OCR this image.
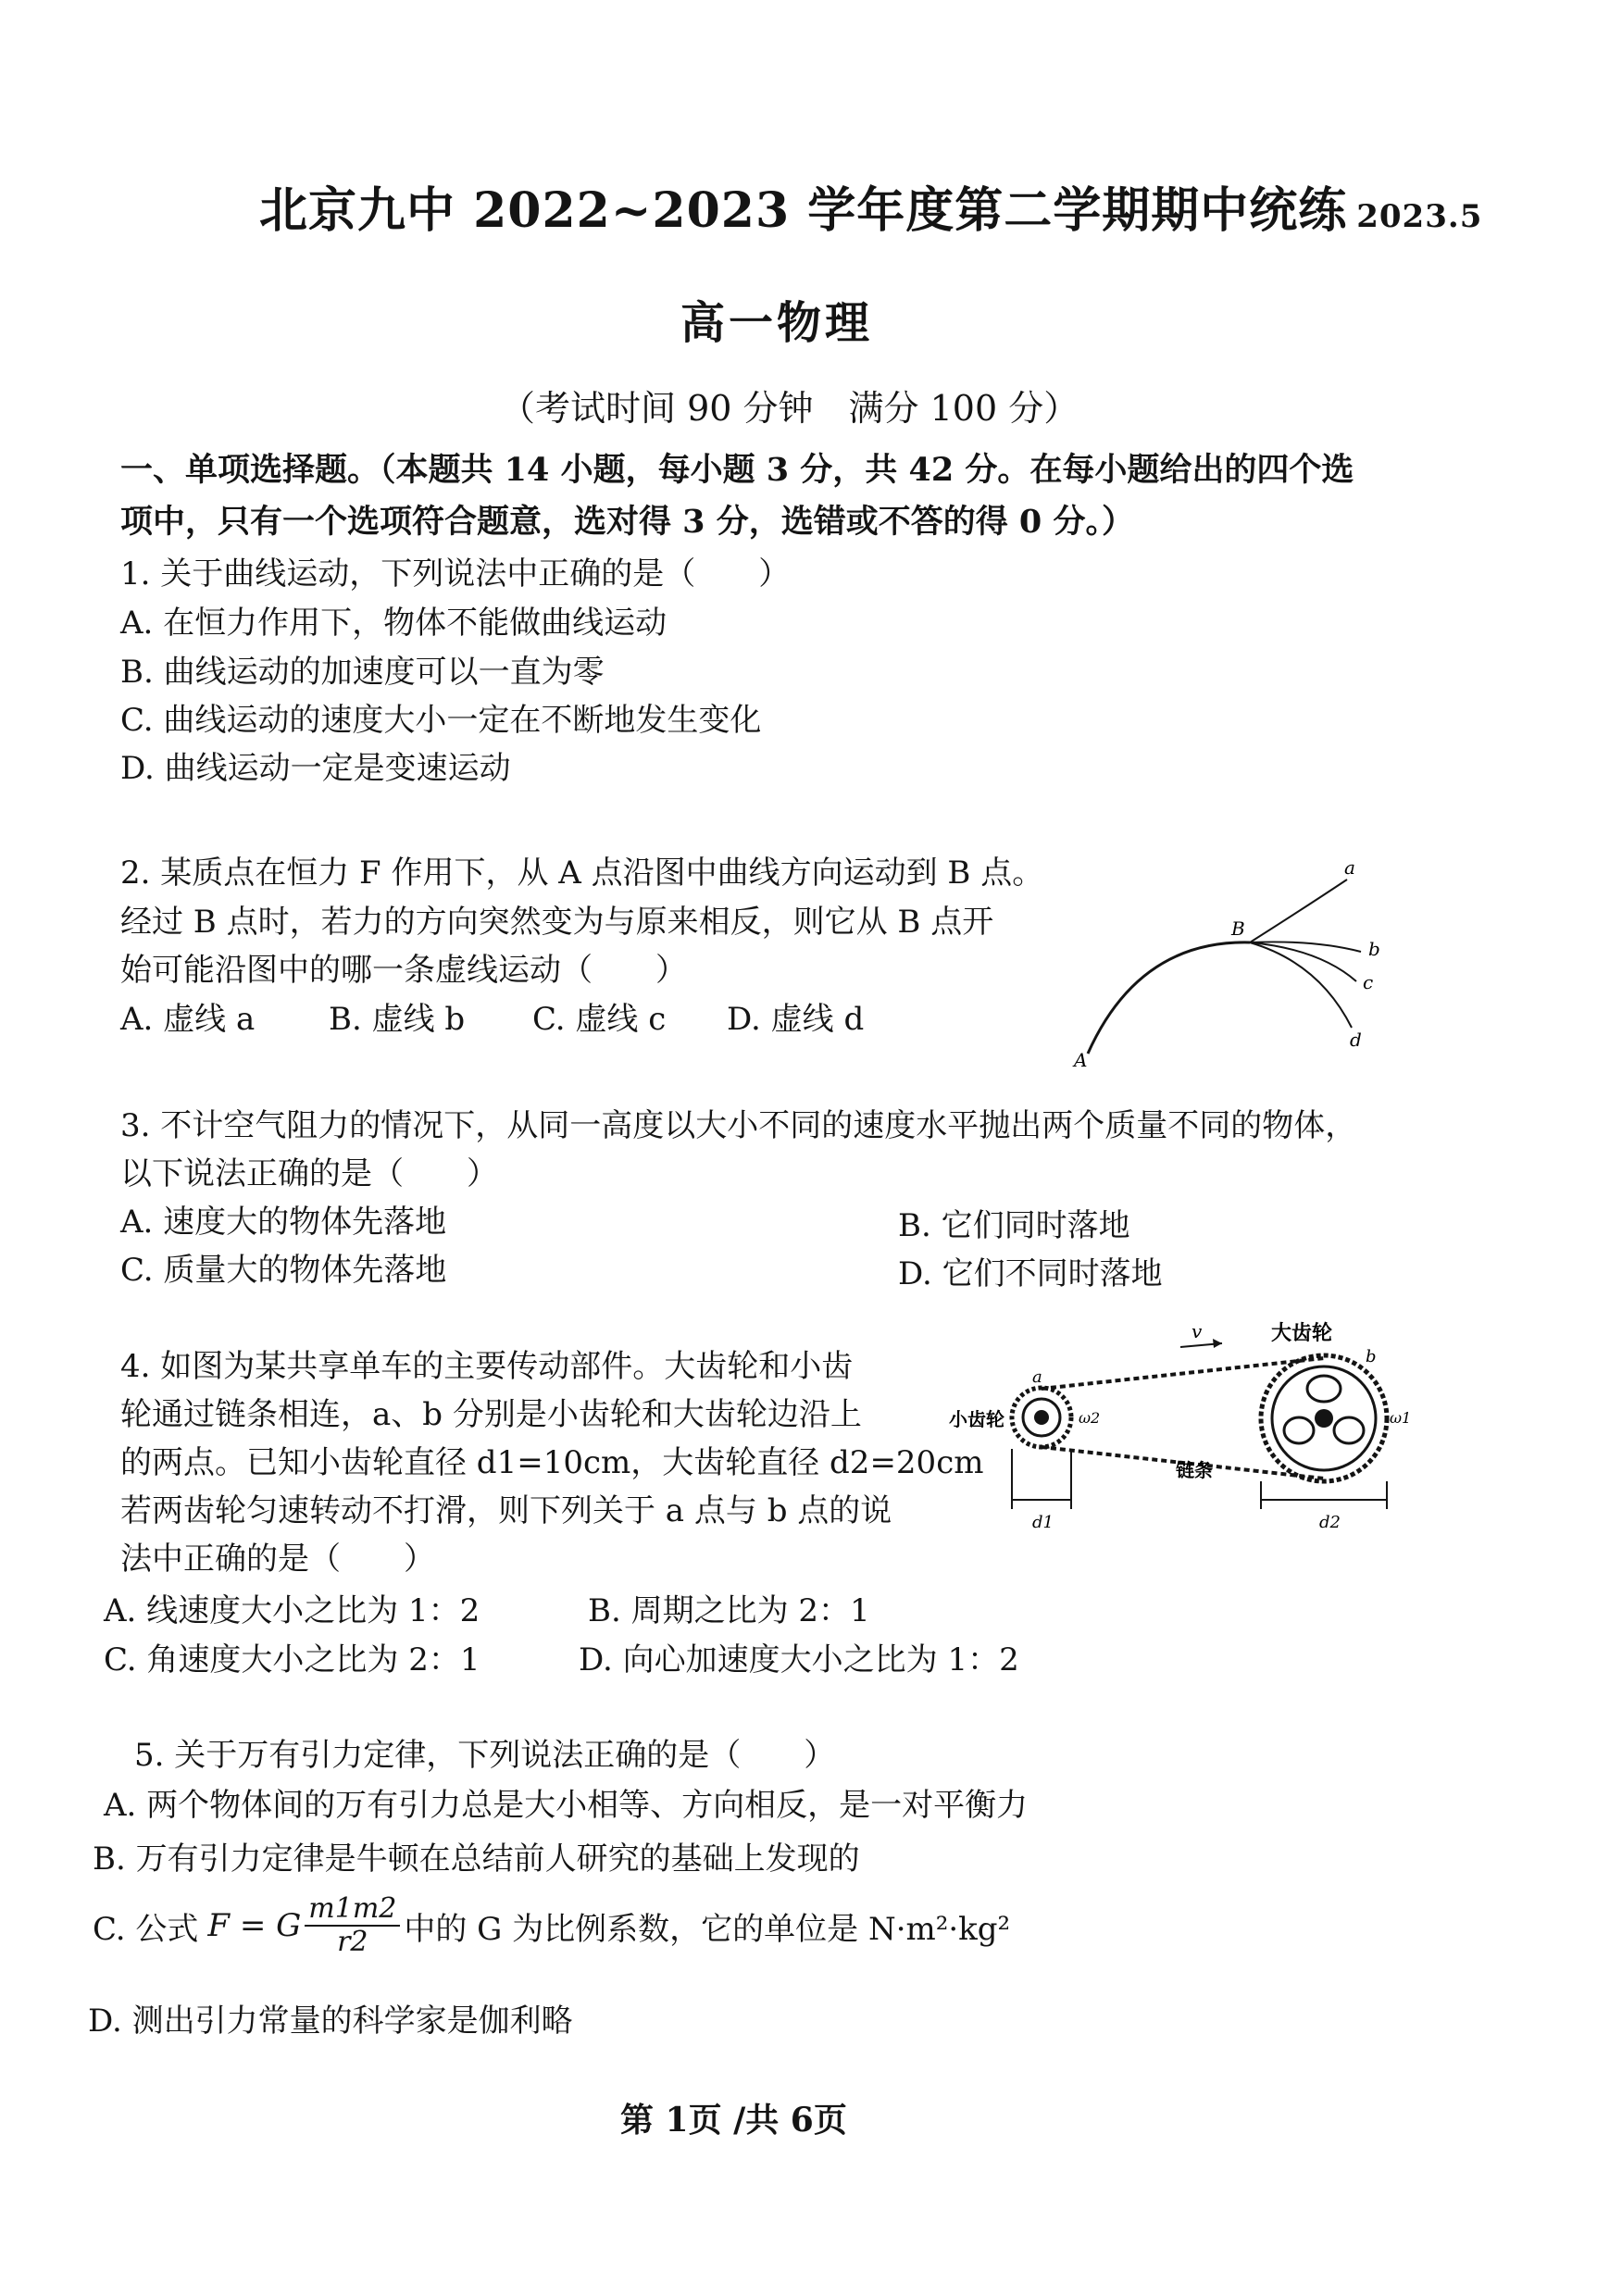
北京九中 2022~2023 学年度第二学期期中统练 2023.5
高一物理
（考试时间 90 分钟　满分 100 分）
一、单项选择题。（本题共 14 小题，每小题 3 分，共 42 分。在每小题给出的四个选
项中，只有一个选项符合题意，选对得 3 分，选错或不答的得 0 分。）
1. 关于曲线运动，下列说法中正确的是（　　）
A. 在恒力作用下，物体不能做曲线运动
B. 曲线运动的加速度可以一直为零
C. 曲线运动的速度大小一定在不断地发生变化
D. 曲线运动一定是变速运动
2. 某质点在恒力 F 作用下，从 A 点沿图中曲线方向运动到 B 点。
经过 B 点时，若力的方向突然变为与原来相反，则它从 B 点开
始可能沿图中的哪一条虚线运动（　　）
A. 虚线 a B. 虚线 b C. 虚线 c D. 虚线 d
a
b
c
d
A
B
3. 不计空气阻力的情况下，从同一高度以大小不同的速度水平抛出两个质量不同的物体，
以下说法正确的是（　　）
A. 速度大的物体先落地	B. 它们同时落地
C. 质量大的物体先落地	D. 它们不同时落地
4. 如图为某共享单车的主要传动部件。大齿轮和小齿
轮通过链条相连，a、b 分别是小齿轮和大齿轮边沿上
的两点。已知小齿轮直径 d1=10cm，大齿轮直径 d2=20cm
若两齿轮匀速转动不打滑，则下列关于 a 点与 b 点的说
法中正确的是（　　）
A. 线速度大小之比为 1：2	B. 周期之比为 2：1
C. 角速度大小之比为 2：1	D. 向心加速度大小之比为 1：2
大齿轮
小齿轮
链条
v
a
b
ω1
ω2
d1	d2
5. 关于万有引力定律，下列说法正确的是（　　）
A. 两个物体间的万有引力总是大小相等、方向相反，是一对平衡力
B. 万有引力定律是牛顿在总结前人研究的基础上发现的
C. 公式 F = G $\frac{m1m2}{r2}$ 中的 G 为比例系数，它的单位是 N·m²·kg²
D. 测出引力常量的科学家是伽利略
第 1页 /共 6页
